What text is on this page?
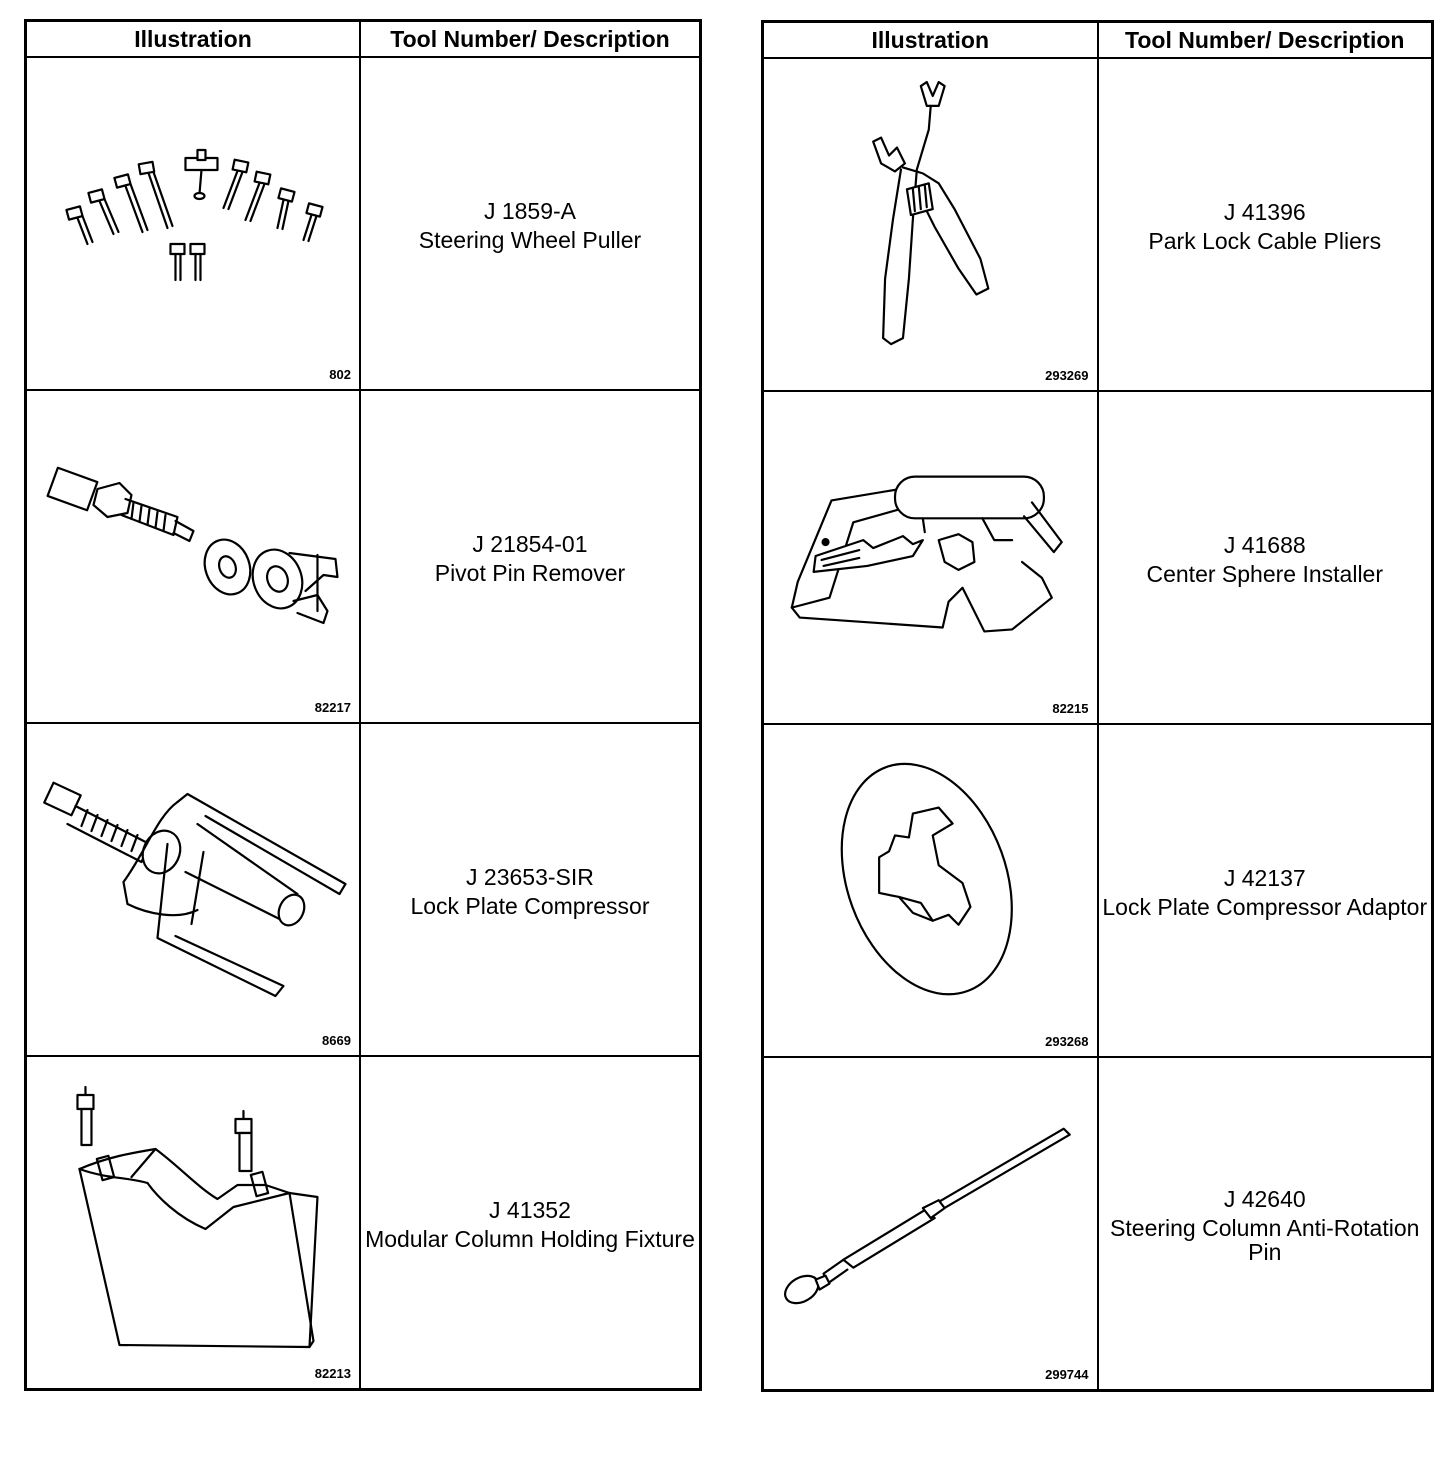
Illustration	Tool Number/ Description

802	J 1859-A
Steering Wheel Puller

82217	J 21854-01
Pivot Pin Remover

8669	J 23653-SIR
Lock Plate Compressor

82213	J 41352
Modular Column Holding Fixture
Illustration	Tool Number/ Description

293269	J 41396
Park Lock Cable Pliers

82215	J 41688
Center Sphere Installer

293268	J 42137
Lock Plate Compressor Adaptor

299744	J 42640
Steering Column Anti-Rotation Pin
